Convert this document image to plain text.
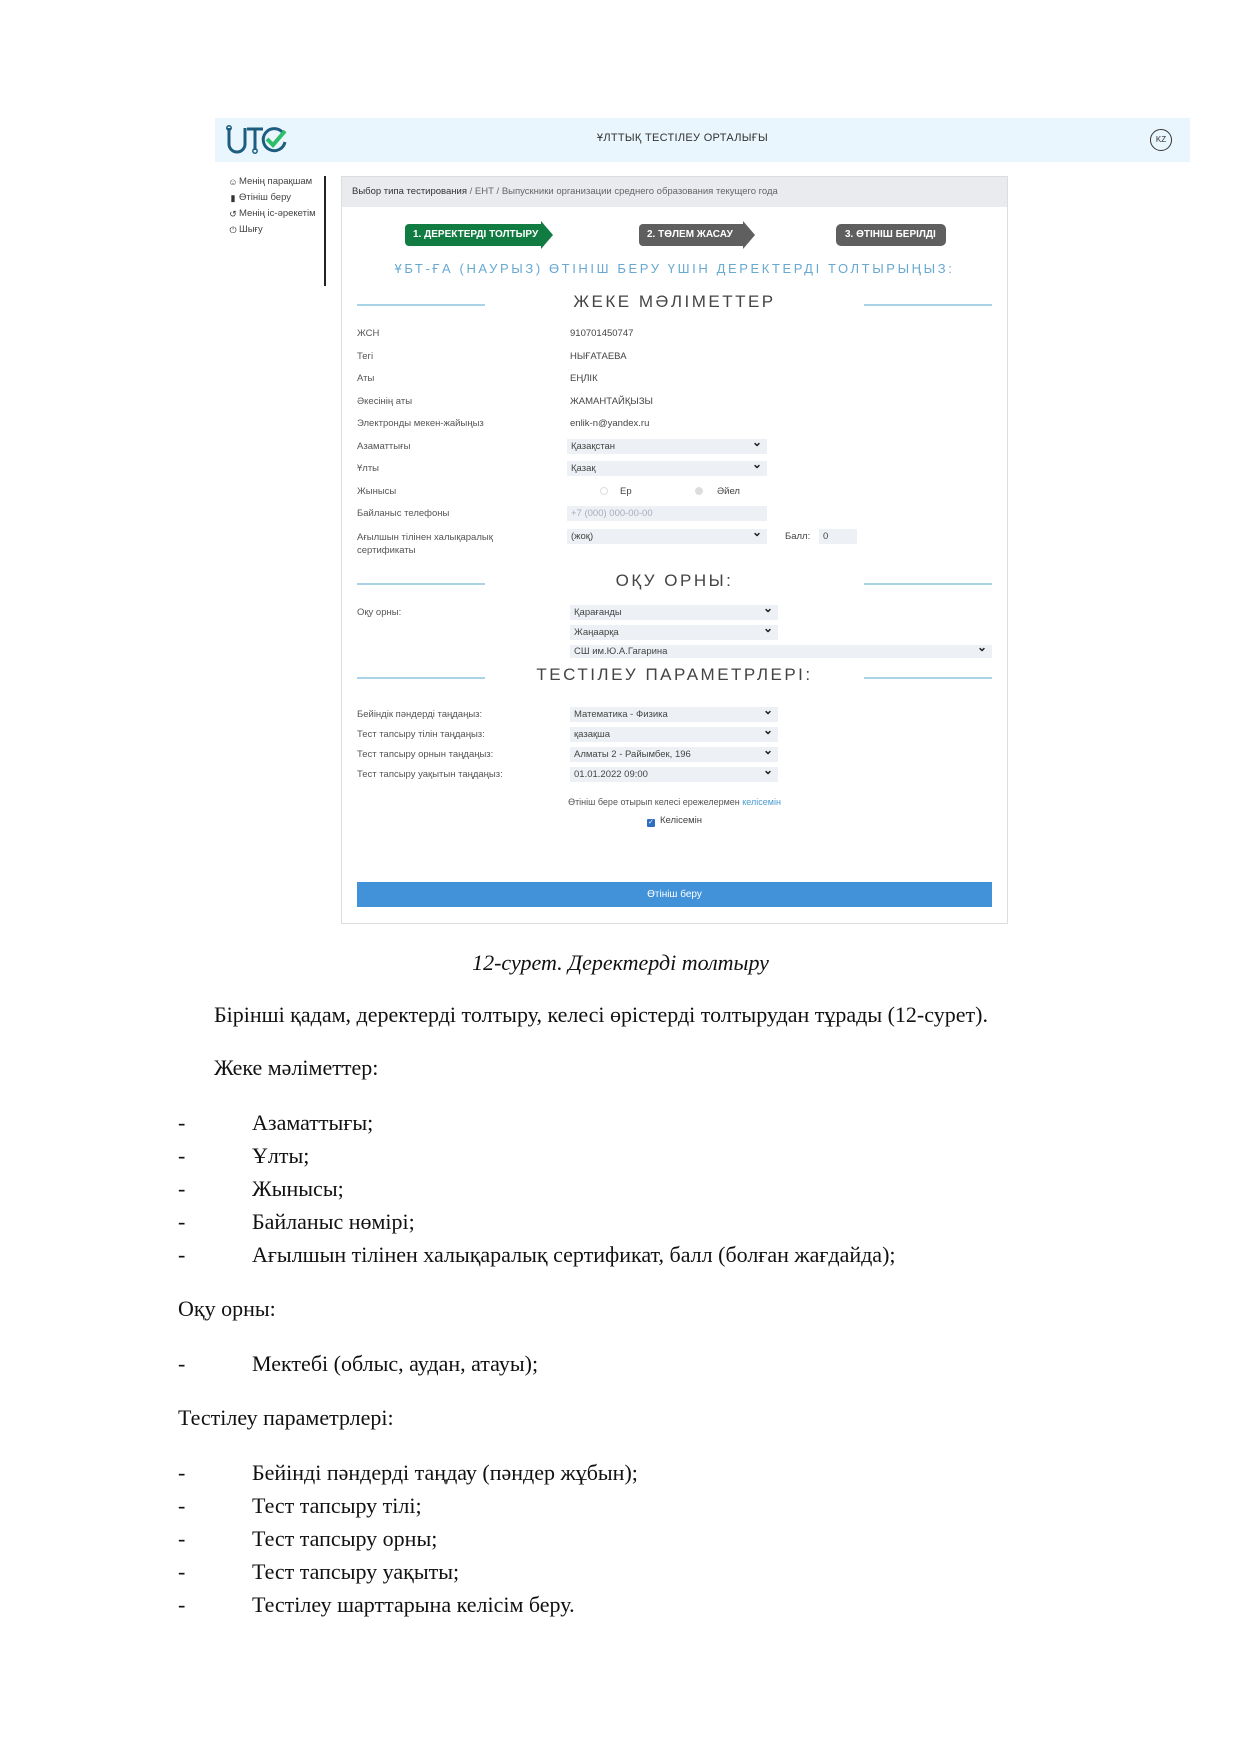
ҰЛТТЫҚ ТЕСТІЛЕУ ОРТАЛЫҒЫ	KZ
☺ Менің парақшам
▮ Өтініш беру
↺ Менің іс-әрекетім
⏻ Шығу
Выбор типа тестирования / ЕНТ / Выпускники организации среднего образования текущего года
1. ДЕРЕКТЕРДІ ТОЛТЫРУ	2. ТӨЛЕМ ЖАСАУ	3. ӨТІНІШ БЕРІЛДІ
ҰБТ-ҒА (НАУРЫЗ) ӨТІНІШ БЕРУ ҮШІН ДЕРЕКТЕРДІ ТОЛТЫРЫҢЫЗ:
ЖЕКЕ МӘЛІМЕТТЕР
ЖСН	910701450747
Тегі	НЫҒАТАЕВА
Аты	ЕҢЛІК
Әкесінің аты	ЖАМАНТАЙҚЫЗЫ
Электронды мекен-жайыңыз	enlik-n@yandex.ru
Азаматтығы	Қазақстан ⌄
Ұлты	Қазақ ⌄
Жынысы	Ер	Әйел
Байланыс телефоны	+7 (000) 000-00-00
Ағылшын тілінен халықаралық сертификаты
(жоқ) ⌄	Балл:	0
ОҚУ ОРНЫ:
Оқу орны:	Қарағанды ⌄
Жаңаарқа ⌄
СШ им.Ю.А.Гагарина ⌄
ТЕСТІЛЕУ ПАРАМЕТРЛЕРІ:
Бейіндік пәндерді таңдаңыз:	Математика - Физика ⌄
Тест тапсыру тілін таңдаңыз:	қазақша ⌄
Тест тапсыру орнын таңдаңыз:	Алматы 2 - Райымбек, 196 ⌄
Тест тапсыру уақытын таңдаңыз:	01.01.2022 09:00 ⌄
Өтініш бере отырып келесі ережелермен келісемін
✓ Келісемін
Өтініш беру
12-сурет. Деректерді толтыру
Бірінші қадам, деректерді толтыру, келесі өрістерді толтырудан тұрады (12-сурет).
Жеке мәліметтер:
-	Азаматтығы;
-	Ұлты;
-	Жынысы;
-	Байланыс нөмірі;
-	Ағылшын тілінен халықаралық сертификат, балл (болған жағдайда);
Оқу орны:
-	Мектебі (облыс, аудан, атауы);
Тестілеу параметрлері:
-	Бейінді пәндерді таңдау (пәндер жұбын);
-	Тест тапсыру тілі;
-	Тест тапсыру орны;
-	Тест тапсыру уақыты;
-	Тестілеу шарттарына келісім беру.
